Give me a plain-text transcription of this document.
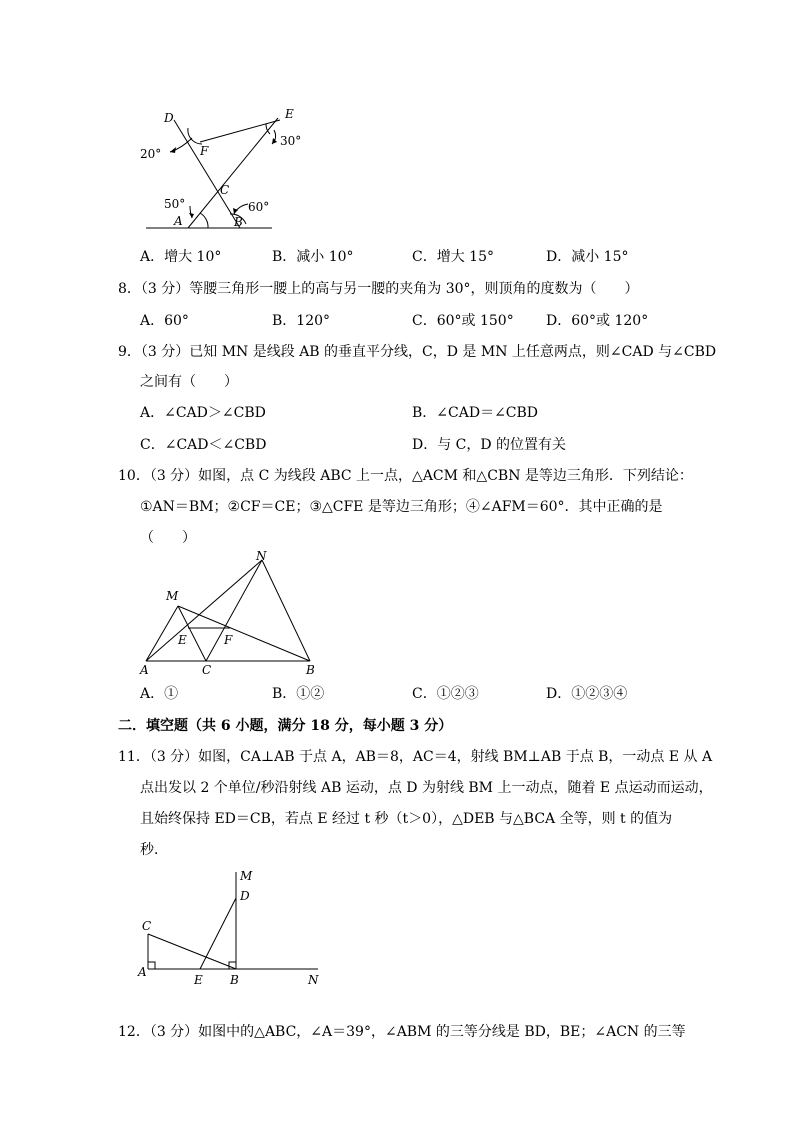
D	E
F
C
A	B
20°
30°
50°	60°
A．增大 10°	B．减小 10°	C．增大 15°	D．减小 15°
8．（3 分）等腰三角形一腰上的高与另一腰的夹角为 30°，则顶角的度数为（　　）
A．60°	B．120°	C．60°或 150° D．60°或 120°
9．（3 分）已知 MN 是线段 AB 的垂直平分线，C，D 是 MN 上任意两点，则∠CAD 与∠CBD
之间有（　　）
A．∠CAD＞∠CBD	B．∠CAD＝∠CBD
C．∠CAD＜∠CBD	D．与 C，D 的位置有关
10．（3 分）如图，点 C 为线段 ABC 上一点，△ACM 和△CBN 是等边三角形．下列结论：
①AN＝BM；②CF＝CE；③△CFE 是等边三角形；④∠AFM＝60°．其中正确的是
（　　）
N
M
E	F
A	C	B
A．①	B．①②	C．①②③	D．①②③④
二．填空题（共 6 小题，满分 18 分，每小题 3 分）
11．（3 分）如图，CA⊥AB 于点 A，AB＝8，AC＝4，射线 BM⊥AB 于点 B，一动点 E 从 A
点出发以 2 个单位/秒沿射线 AB 运动，点 D 为射线 BM 上一动点，随着 E 点运动而运动，
且始终保持 ED＝CB，若点 E 经过 t 秒（t＞0），△DEB 与△BCA 全等，则 t 的值为
秒．
M
D
C
A
E B	N
12．（3 分）如图中的△ABC，∠A＝39°，∠ABM 的三等分线是 BD，BE；∠ACN 的三等
